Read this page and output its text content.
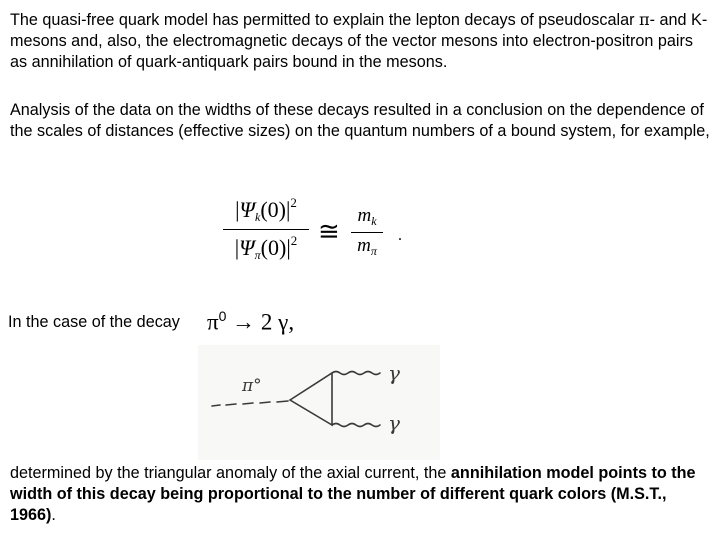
The quasi-free quark model has permitted to explain the lepton decays of pseudoscalar π- and K-mesons and, also, the electromagnetic decays of the vector mesons into electron-positron pairs as annihilation of quark-antiquark pairs bound in the mesons.

Analysis of the data on the widths of these decays resulted in a conclusion on the dependence of the scales of distances (effective sizes) on the quantum numbers of a bound system, for example,

$|\Psi k(0)|^2$
$|\Psi\pi(0)|^2$ ≅
$m_k$
$m_\pi$
.
In the case of the decay $\pi^0 \to 2$ γ,
π°
γ
γ

determined by the triangular anomaly of the axial current, the annihilation model points to the width of this decay being proportional to the number of different quark colors (M.S.T., 1966).
